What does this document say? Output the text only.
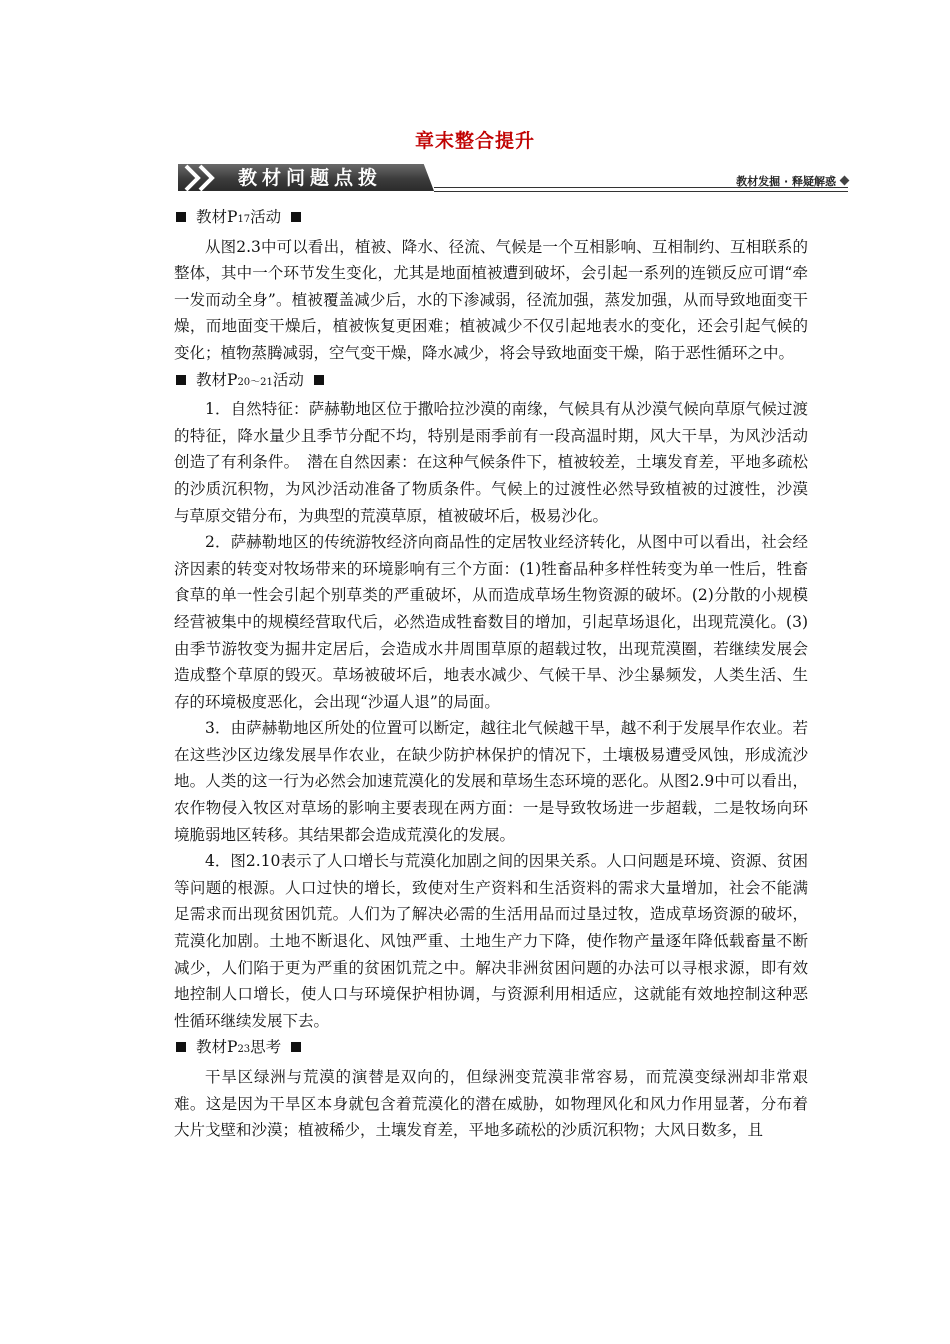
章末整合提升
教材问题点拨	教材发掘 · 释疑解惑

教材P17活动

从图2.3中可以看出，植被、降水、径流、气候是一个互相影响、互相制约、互相联系的整体，其中一个环节发生变化，尤其是地面植被遭到破坏，会引起一系列的连锁反应可谓“牵一发而动全身”。植被覆盖减少后，水的下渗减弱，径流加强，蒸发加强，从而导致地面变干燥，而地面变干燥后，植被恢复更困难；植被减少不仅引起地表水的变化，还会引起气候的变化；植物蒸腾减弱，空气变干燥，降水减少，将会导致地面变干燥，陷于恶性循环之中。

教材P20～21活动

1．自然特征：萨赫勒地区位于撒哈拉沙漠的南缘，气候具有从沙漠气候向草原气候过渡的特征，降水量少且季节分配不均，特别是雨季前有一段高温时期，风大干旱，为风沙活动创造了有利条件。　潜在自然因素：在这种气候条件下，植被较差，土壤发育差，平地多疏松的沙质沉积物，为风沙活动准备了物质条件。气候上的过渡性必然导致植被的过渡性，沙漠与草原交错分布，为典型的荒漠草原，植被破坏后，极易沙化。

2．萨赫勒地区的传统游牧经济向商品性的定居牧业经济转化，从图中可以看出，社会经济因素的转变对牧场带来的环境影响有三个方面：(1)牲畜品种多样性转变为单一性后，牲畜食草的单一性会引起个别草类的严重破坏，从而造成草场生物资源的破坏。(2)分散的小规模经营被集中的规模经营取代后，必然造成牲畜数目的增加，引起草场退化，出现荒漠化。(3)由季节游牧变为掘井定居后，会造成水井周围草原的超载过牧，出现荒漠圈，若继续发展会造成整个草原的毁灭。草场被破坏后，地表水减少、气候干旱、沙尘暴频发，人类生活、生存的环境极度恶化，会出现“沙逼人退”的局面。

3．由萨赫勒地区所处的位置可以断定，越往北气候越干旱，越不利于发展旱作农业。若在这些沙区边缘发展旱作农业，在缺少防护林保护的情况下，土壤极易遭受风蚀，形成流沙地。人类的这一行为必然会加速荒漠化的发展和草场生态环境的恶化。从图2.9中可以看出，农作物侵入牧区对草场的影响主要表现在两方面：一是导致牧场进一步超载，二是牧场向环境脆弱地区转移。其结果都会造成荒漠化的发展。

4．图2.10表示了人口增长与荒漠化加剧之间的因果关系。人口问题是环境、资源、贫困等问题的根源。人口过快的增长，致使对生产资料和生活资料的需求大量增加，社会不能满足需求而出现贫困饥荒。人们为了解决必需的生活用品而过垦过牧，造成草场资源的破坏，荒漠化加剧。土地不断退化、风蚀严重、土地生产力下降，使作物产量逐年降低载畜量不断减少，人们陷于更为严重的贫困饥荒之中。解决非洲贫困问题的办法可以寻根求源，即有效地控制人口增长，使人口与环境保护相协调，与资源利用相适应，这就能有效地控制这种恶性循环继续发展下去。

教材P23思考

干旱区绿洲与荒漠的演替是双向的，但绿洲变荒漠非常容易，而荒漠变绿洲却非常艰难。这是因为干旱区本身就包含着荒漠化的潜在威胁，如物理风化和风力作用显著，分布着大片戈壁和沙漠；植被稀少，土壤发育差，平地多疏松的沙质沉积物；大风日数多，且
